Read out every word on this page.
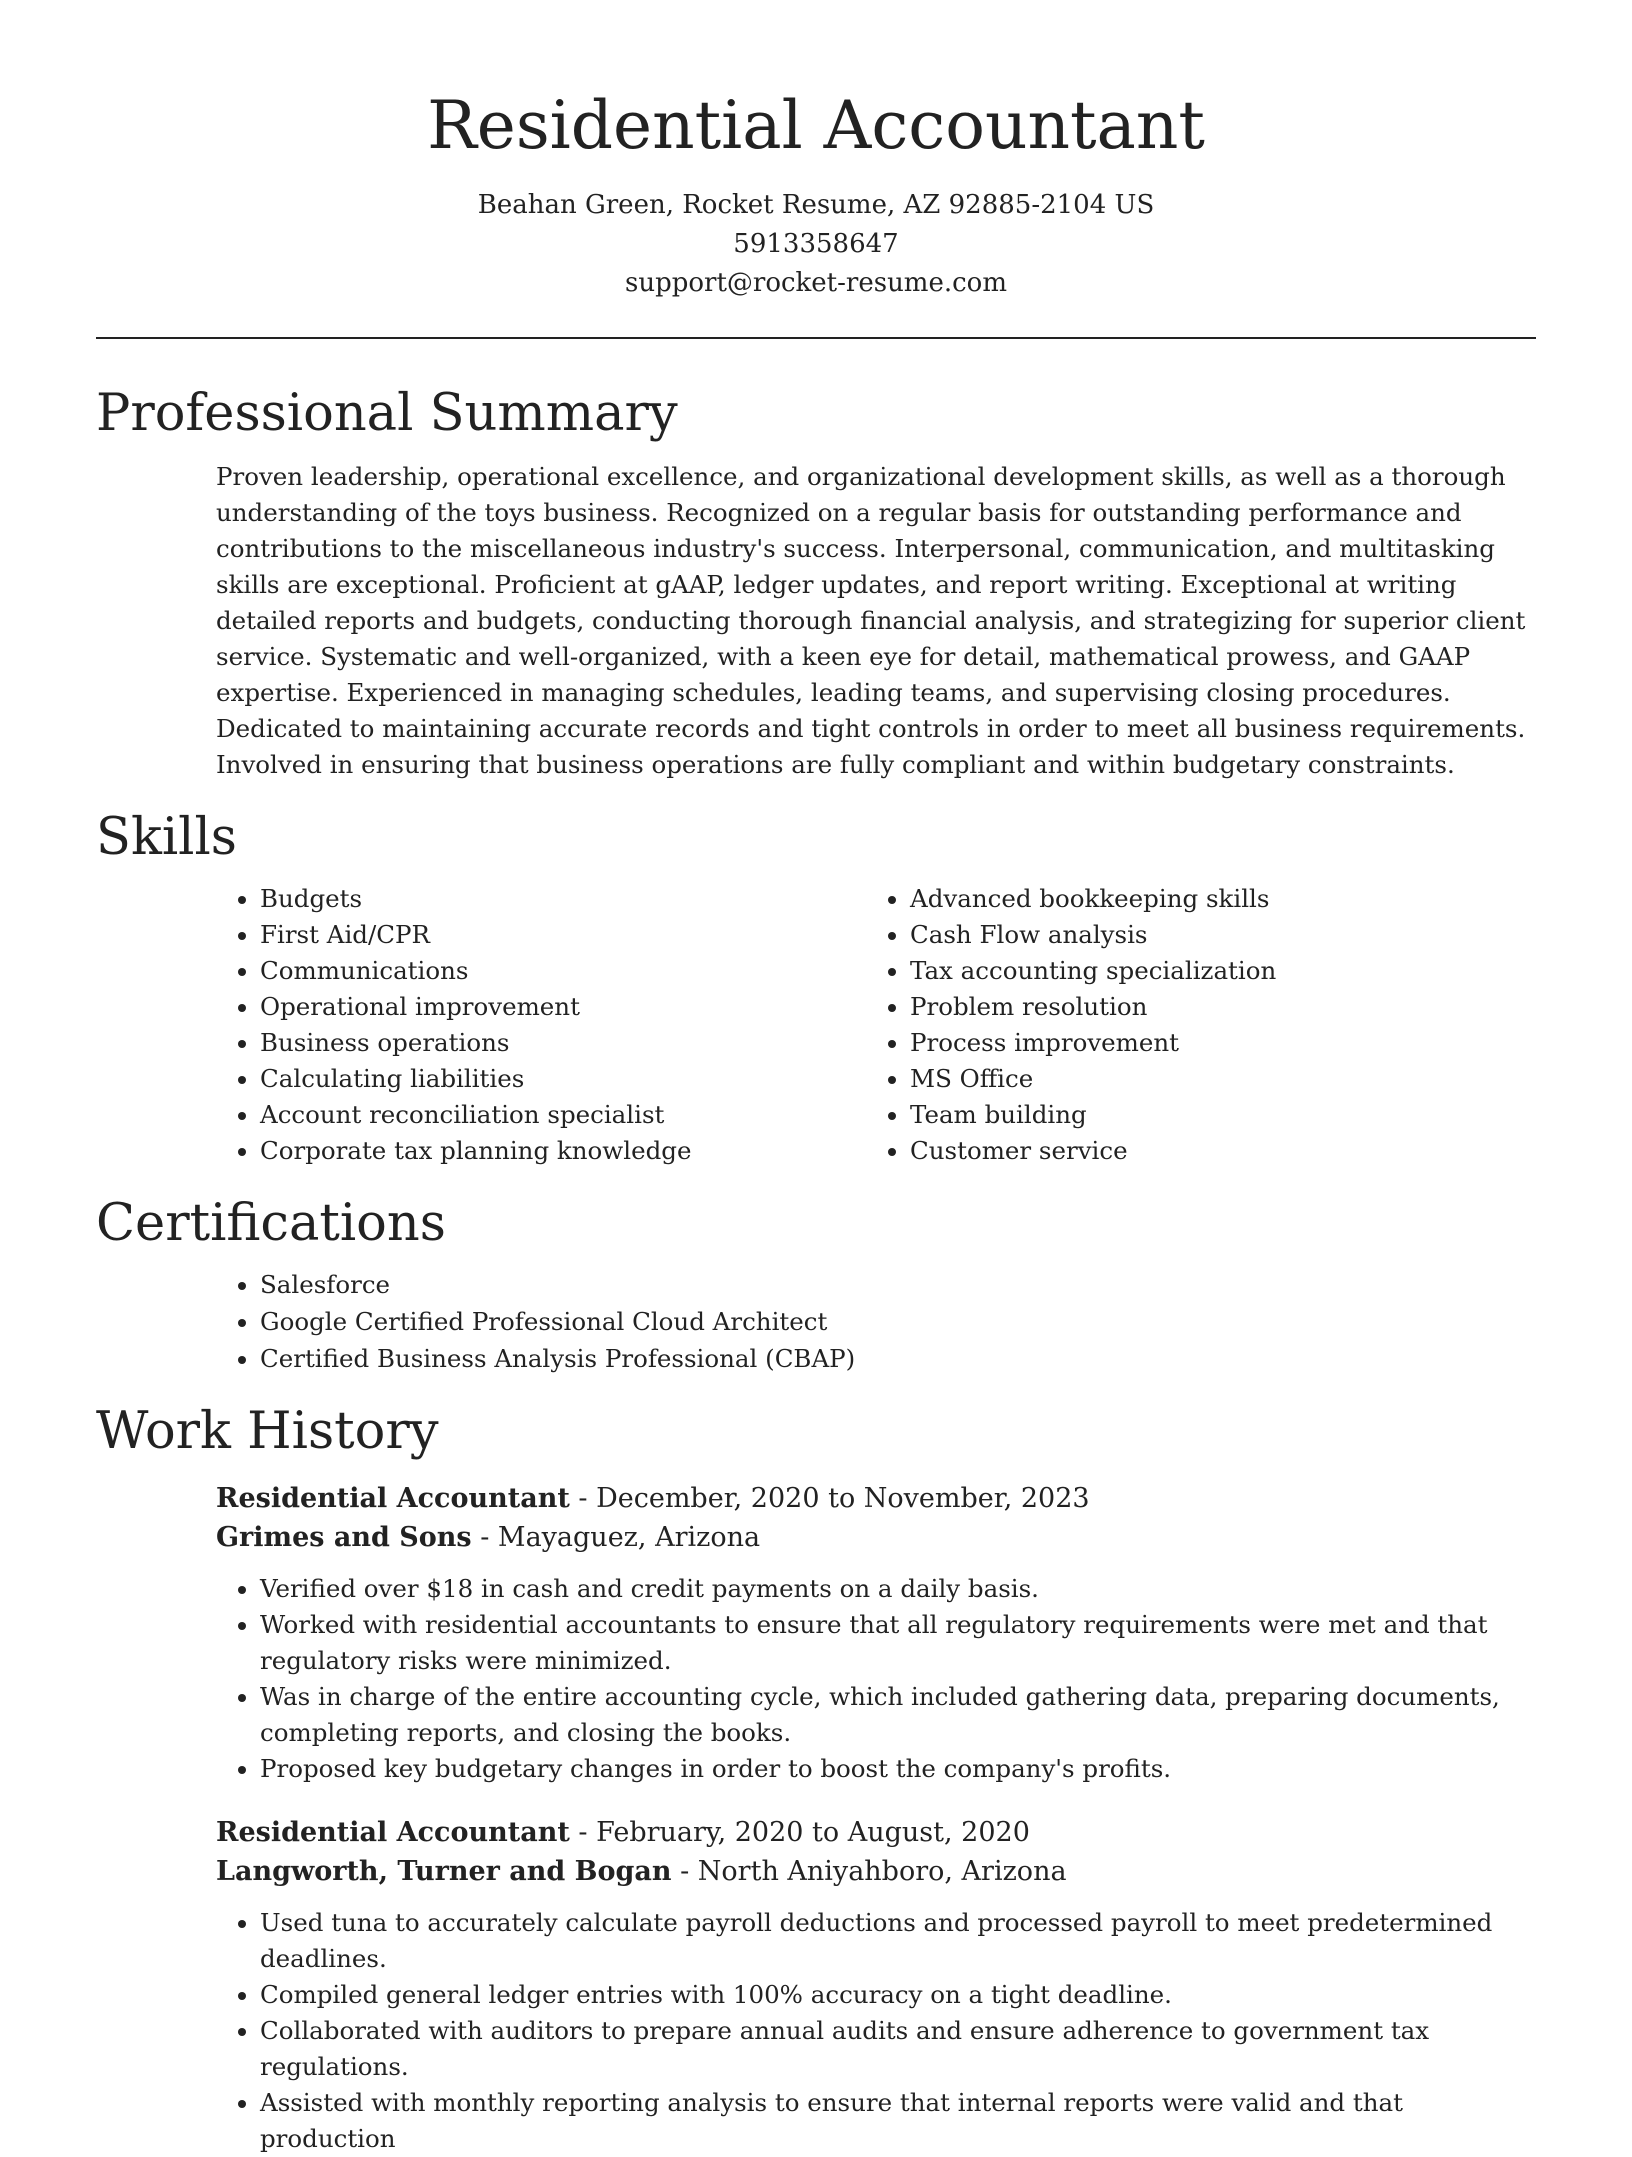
Residential Accountant
Beahan Green, Rocket Resume, AZ 92885-2104 US
5913358647
support@rocket-resume.com
Professional Summary

Proven leadership, operational excellence, and organizational development skills, as well as a thorough understanding of the toys business. Recognized on a regular basis for outstanding performance and contributions to the miscellaneous industry's success. Interpersonal, communication, and multitasking skills are exceptional. Proficient at gAAP, ledger updates, and report writing. Exceptional at writing detailed reports and budgets, conducting thorough financial analysis, and strategizing for superior client service. Systematic and well-organized, with a keen eye for detail, mathematical prowess, and GAAP expertise. Experienced in managing schedules, leading teams, and supervising closing procedures. Dedicated to maintaining accurate records and tight controls in order to meet all business requirements. Involved in ensuring that business operations are fully compliant and within budgetary constraints.

Skills
• Budgets
• First Aid/CPR
• Communications
• Operational improvement
• Business operations
• Calculating liabilities
• Account reconciliation specialist
• Corporate tax planning knowledge
• Advanced bookkeeping skills
• Cash Flow analysis
• Tax accounting specialization
• Problem resolution
• Process improvement
• MS Office
• Team building
• Customer service
Certifications
• Salesforce
• Google Certified Professional Cloud Architect
• Certified Business Analysis Professional (CBAP)
Work History
Residential Accountant - December, 2020 to November, 2023
Grimes and Sons - Mayaguez, Arizona
• Verified over $18 in cash and credit payments on a daily basis.
• Worked with residential accountants to ensure that all regulatory requirements were met and that regulatory risks were minimized.
• Was in charge of the entire accounting cycle, which included gathering data, preparing documents, completing reports, and closing the books.
• Proposed key budgetary changes in order to boost the company's profits.
Residential Accountant - February, 2020 to August, 2020
Langworth, Turner and Bogan - North Aniyahboro, Arizona
• Used tuna to accurately calculate payroll deductions and processed payroll to meet predetermined deadlines.
• Compiled general ledger entries with 100% accuracy on a tight deadline.
• Collaborated with auditors to prepare annual audits and ensure adherence to government tax regulations.
• Assisted with monthly reporting analysis to ensure that internal reports were valid and that production
